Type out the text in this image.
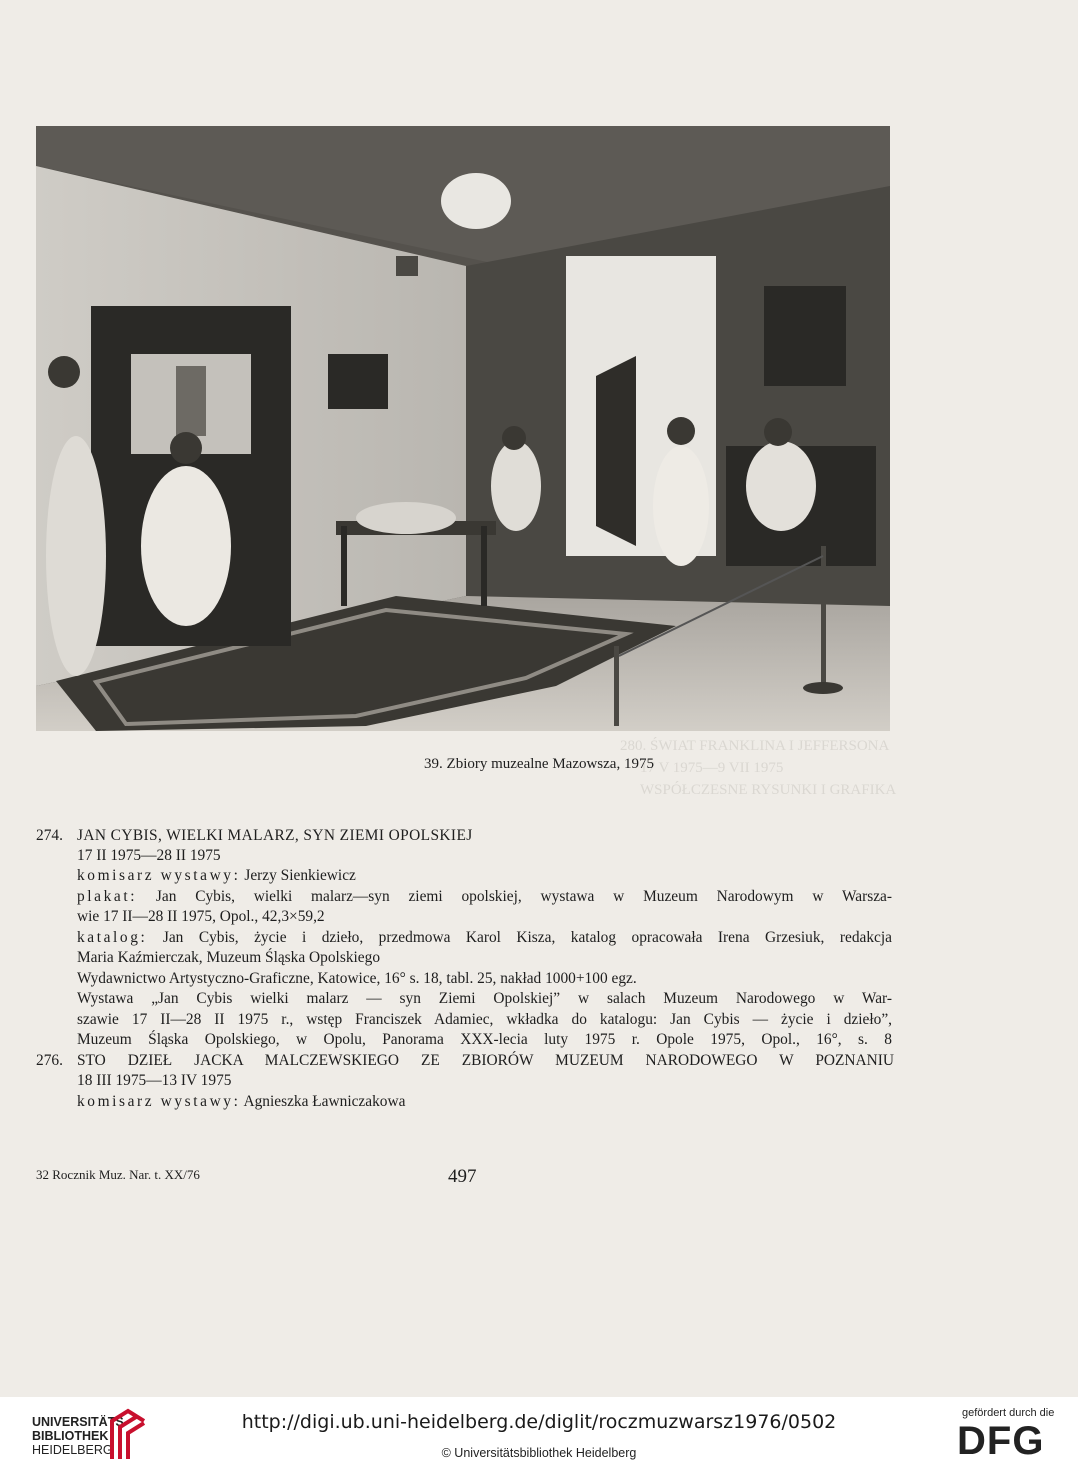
280. ŚWIAT FRANKLINA I JEFFERSONA
17 V 1975—9 VII 1975
WSPÓŁCZESNE RYSUNKI I GRAFIKA
39. Zbiory muzealne Mazowsza, 1975
274. JAN CYBIS, WIELKI MALARZ, SYN ZIEMI OPOLSKIEJ
17 II 1975—28 II 1975
komisarz wystawy: Jerzy Sienkiewicz
plakat: Jan Cybis, wielki malarz—syn ziemi opolskiej, wystawa w Muzeum Narodowym w Warsza-
wie 17 II—28 II 1975, Opol., 42,3×59,2
katalog: Jan Cybis, życie i dzieło, przedmowa Karol Kisza, katalog opracowała Irena Grzesiuk, redakcja
Maria Kaźmierczak, Muzeum Śląska Opolskiego
Wydawnictwo Artystyczno-Graficzne, Katowice, 16° s. 18, tabl. 25, nakład 1000+100 egz.
Wystawa „Jan Cybis wielki malarz — syn Ziemi Opolskiej” w salach Muzeum Narodowego w War-
szawie 17 II—28 II 1975 r., wstęp Franciszek Adamiec, wkładka do katalogu: Jan Cybis — życie i dzieło”,
Muzeum Śląska Opolskiego, w Opolu, Panorama XXX-lecia luty 1975 r. Opole 1975, Opol., 16°, s. 8
276. STO DZIEŁ JACKA MALCZEWSKIEGO ZE ZBIORÓW MUZEUM NARODOWEGO W POZNANIU
18 III 1975—13 IV 1975
komisarz wystawy: Agnieszka Ławniczakowa
32 Rocznik Muz. Nar. t. XX/76	497
UNIVERSITÄTS-
BIBLIOTHEK
HEIDELBERG
http://digi.ub.uni-heidelberg.de/diglit/roczmuzwarsz1976/0502
© Universitätsbibliothek Heidelberg
gefördert durch die
DFG
